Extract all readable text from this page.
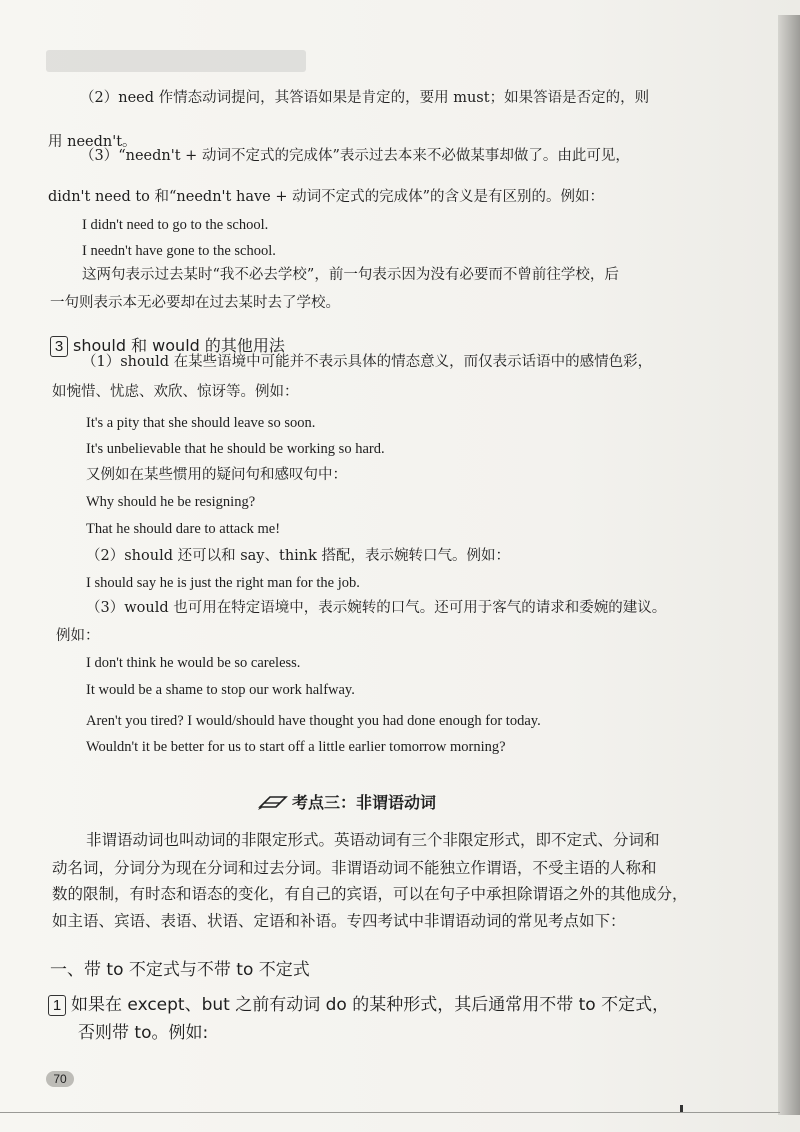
（2）need 作情态动词提问，其答语如果是肯定的，要用 must；如果答语是否定的，则
用 needn't。
（3）“needn't + 动词不定式的完成体”表示过去本来不必做某事却做了。由此可见，
didn't need to 和“needn't have + 动词不定式的完成体”的含义是有区别的。例如：
I didn't need to go to the school.
I needn't have gone to the school.
这两句表示过去某时“我不必去学校”，前一句表示因为没有必要而不曾前往学校，后
一句则表示本无必要却在过去某时去了学校。
3 should 和 would 的其他用法
（1）should 在某些语境中可能并不表示具体的情态意义，而仅表示话语中的感情色彩，
如惋惜、忧虑、欢欣、惊讶等。例如：
It's a pity that she should leave so soon.
It's unbelievable that he should be working so hard.
又例如在某些惯用的疑问句和感叹句中：
Why should he be resigning?
That he should dare to attack me!
（2）should 还可以和 say、think 搭配，表示婉转口气。例如：
I should say he is just the right man for the job.
（3）would 也可用在特定语境中，表示婉转的口气。还可用于客气的请求和委婉的建议。
例如：
I don't think he would be so careless.
It would be a shame to stop our work halfway.
Aren't you tired? I would/should have thought you had done enough for today.
Wouldn't it be better for us to start off a little earlier tomorrow morning?
考点三：非谓语动词
非谓语动词也叫动词的非限定形式。英语动词有三个非限定形式，即不定式、分词和
动名词，分词分为现在分词和过去分词。非谓语动词不能独立作谓语，不受主语的人称和
数的限制，有时态和语态的变化，有自己的宾语，可以在句子中承担除谓语之外的其他成分，
如主语、宾语、表语、状语、定语和补语。专四考试中非谓语动词的常见考点如下：
一、带 to 不定式与不带 to 不定式
1 如果在 except、but 之前有动词 do 的某种形式，其后通常用不带 to 不定式，
否则带 to。例如:
70
